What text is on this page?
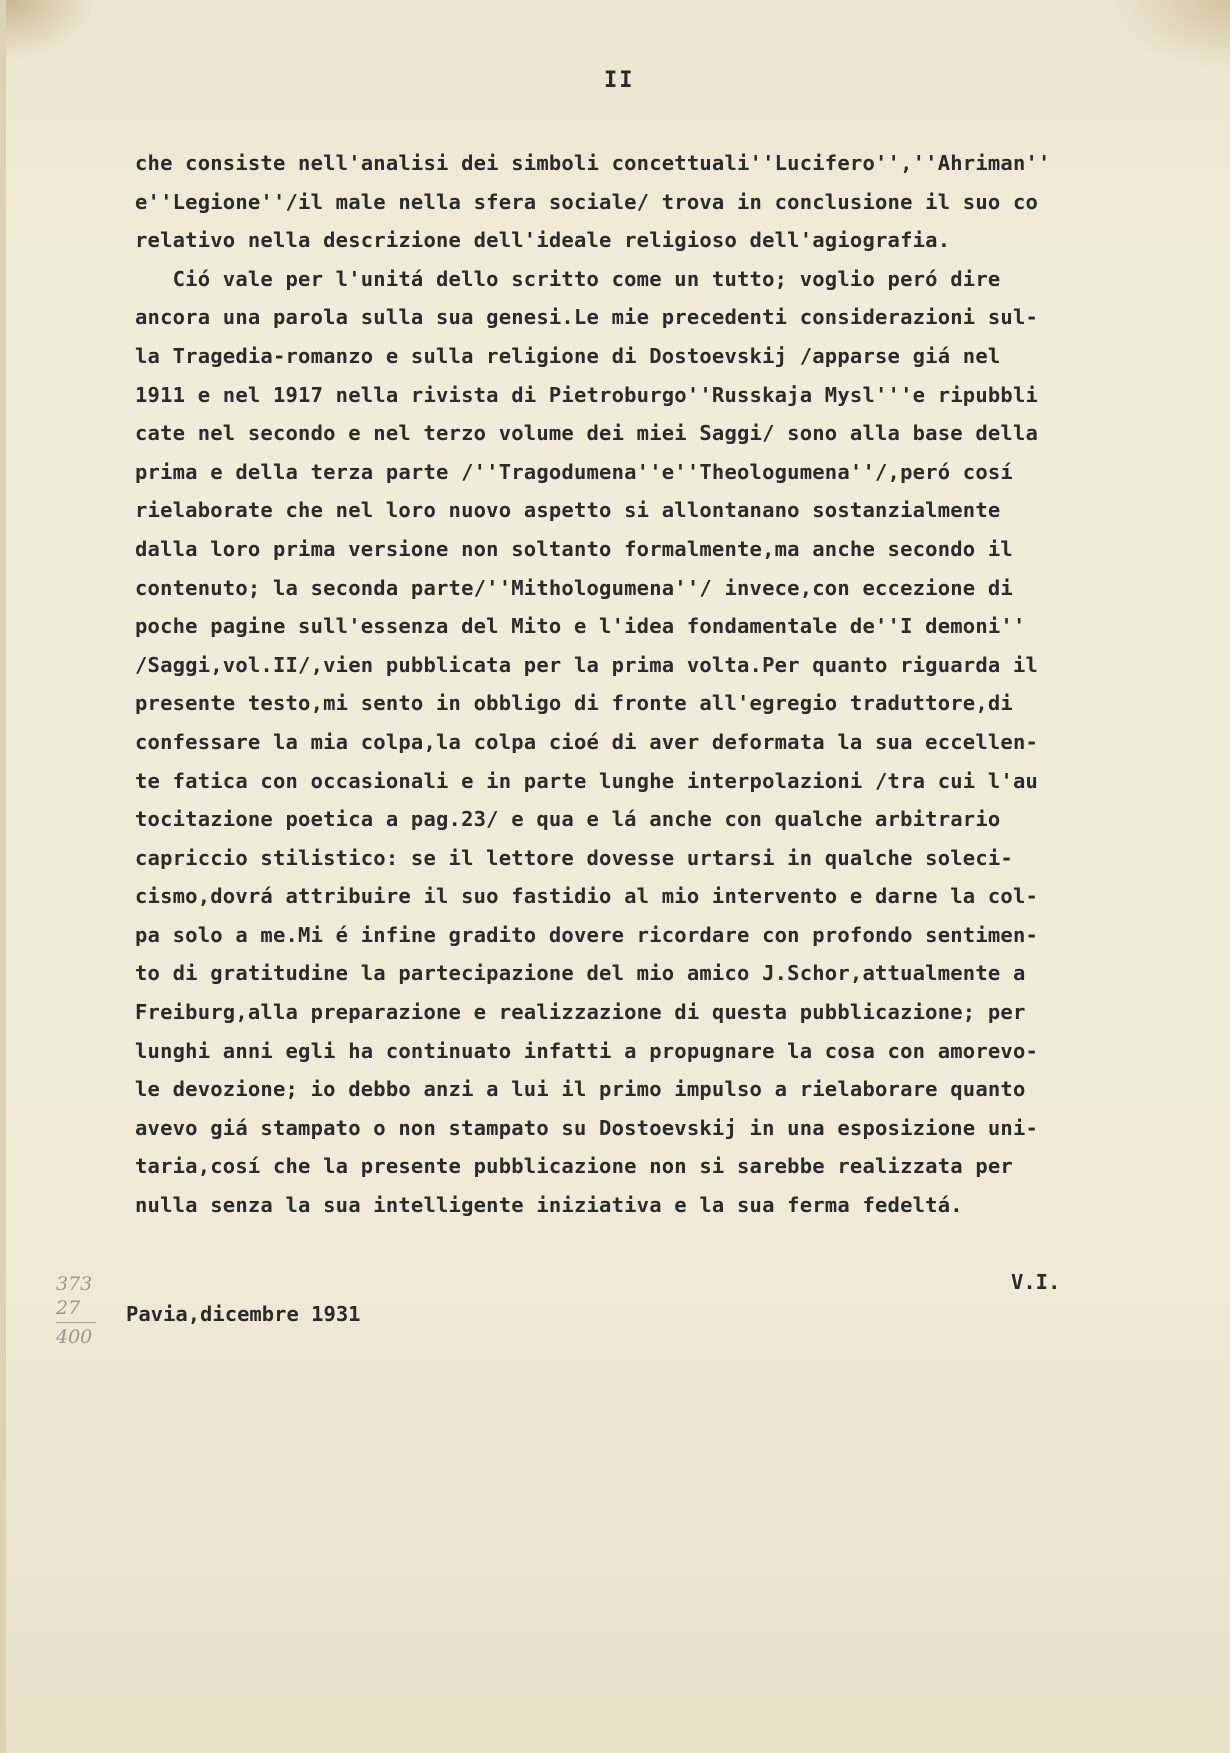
II
che consiste nell'analisi dei simboli concettuali''Lucifero'',''Ahriman''
e''Legione''/il male nella sfera sociale/ trova in conclusione il suo co
relativo nella descrizione dell'ideale religioso dell'agiografia.
Ció vale per l'unitá dello scritto come un tutto; voglio peró dire
ancora una parola sulla sua genesi.Le mie precedenti considerazioni sul-
la Tragedia-romanzo e sulla religione di Dostoevskij /apparse giá nel
1911 e nel 1917 nella rivista di Pietroburgo''Russkaja Mysl'''e ripubbli
cate nel secondo e nel terzo volume dei miei Saggi/ sono alla base della
prima e della terza parte /''Tragodumena''e''Theologumena''/,peró cosí
rielaborate che nel loro nuovo aspetto si allontanano sostanzialmente
dalla loro prima versione non soltanto formalmente,ma anche secondo il
contenuto; la seconda parte/''Mithologumena''/ invece,con eccezione di
poche pagine sull'essenza del Mito e l'idea fondamentale de''I demoni''
/Saggi,vol.II/,vien pubblicata per la prima volta.Per quanto riguarda il
presente testo,mi sento in obbligo di fronte all'egregio traduttore,di
confessare la mia colpa,la colpa cioé di aver deformata la sua eccellen-
te fatica con occasionali e in parte lunghe interpolazioni /tra cui l'au
tocitazione poetica a pag.23/ e qua e lá anche con qualche arbitrario
capriccio stilistico: se il lettore dovesse urtarsi in qualche soleci-
cismo,dovrá attribuire il suo fastidio al mio intervento e darne la col-
pa solo a me.Mi é infine gradito dovere ricordare con profondo sentimen-
to di gratitudine la partecipazione del mio amico J.Schor,attualmente a
Freiburg,alla preparazione e realizzazione di questa pubblicazione; per
lunghi anni egli ha continuato infatti a propugnare la cosa con amorevo-
le devozione; io debbo anzi a lui il primo impulso a rielaborare quanto
avevo giá stampato o non stampato su Dostoevskij in una esposizione uni-
taria,cosí che la presente pubblicazione non si sarebbe realizzata per
nulla senza la sua intelligente iniziativa e la sua ferma fedeltá.
V.I.
373
27
400
Pavia,dicembre 1931
